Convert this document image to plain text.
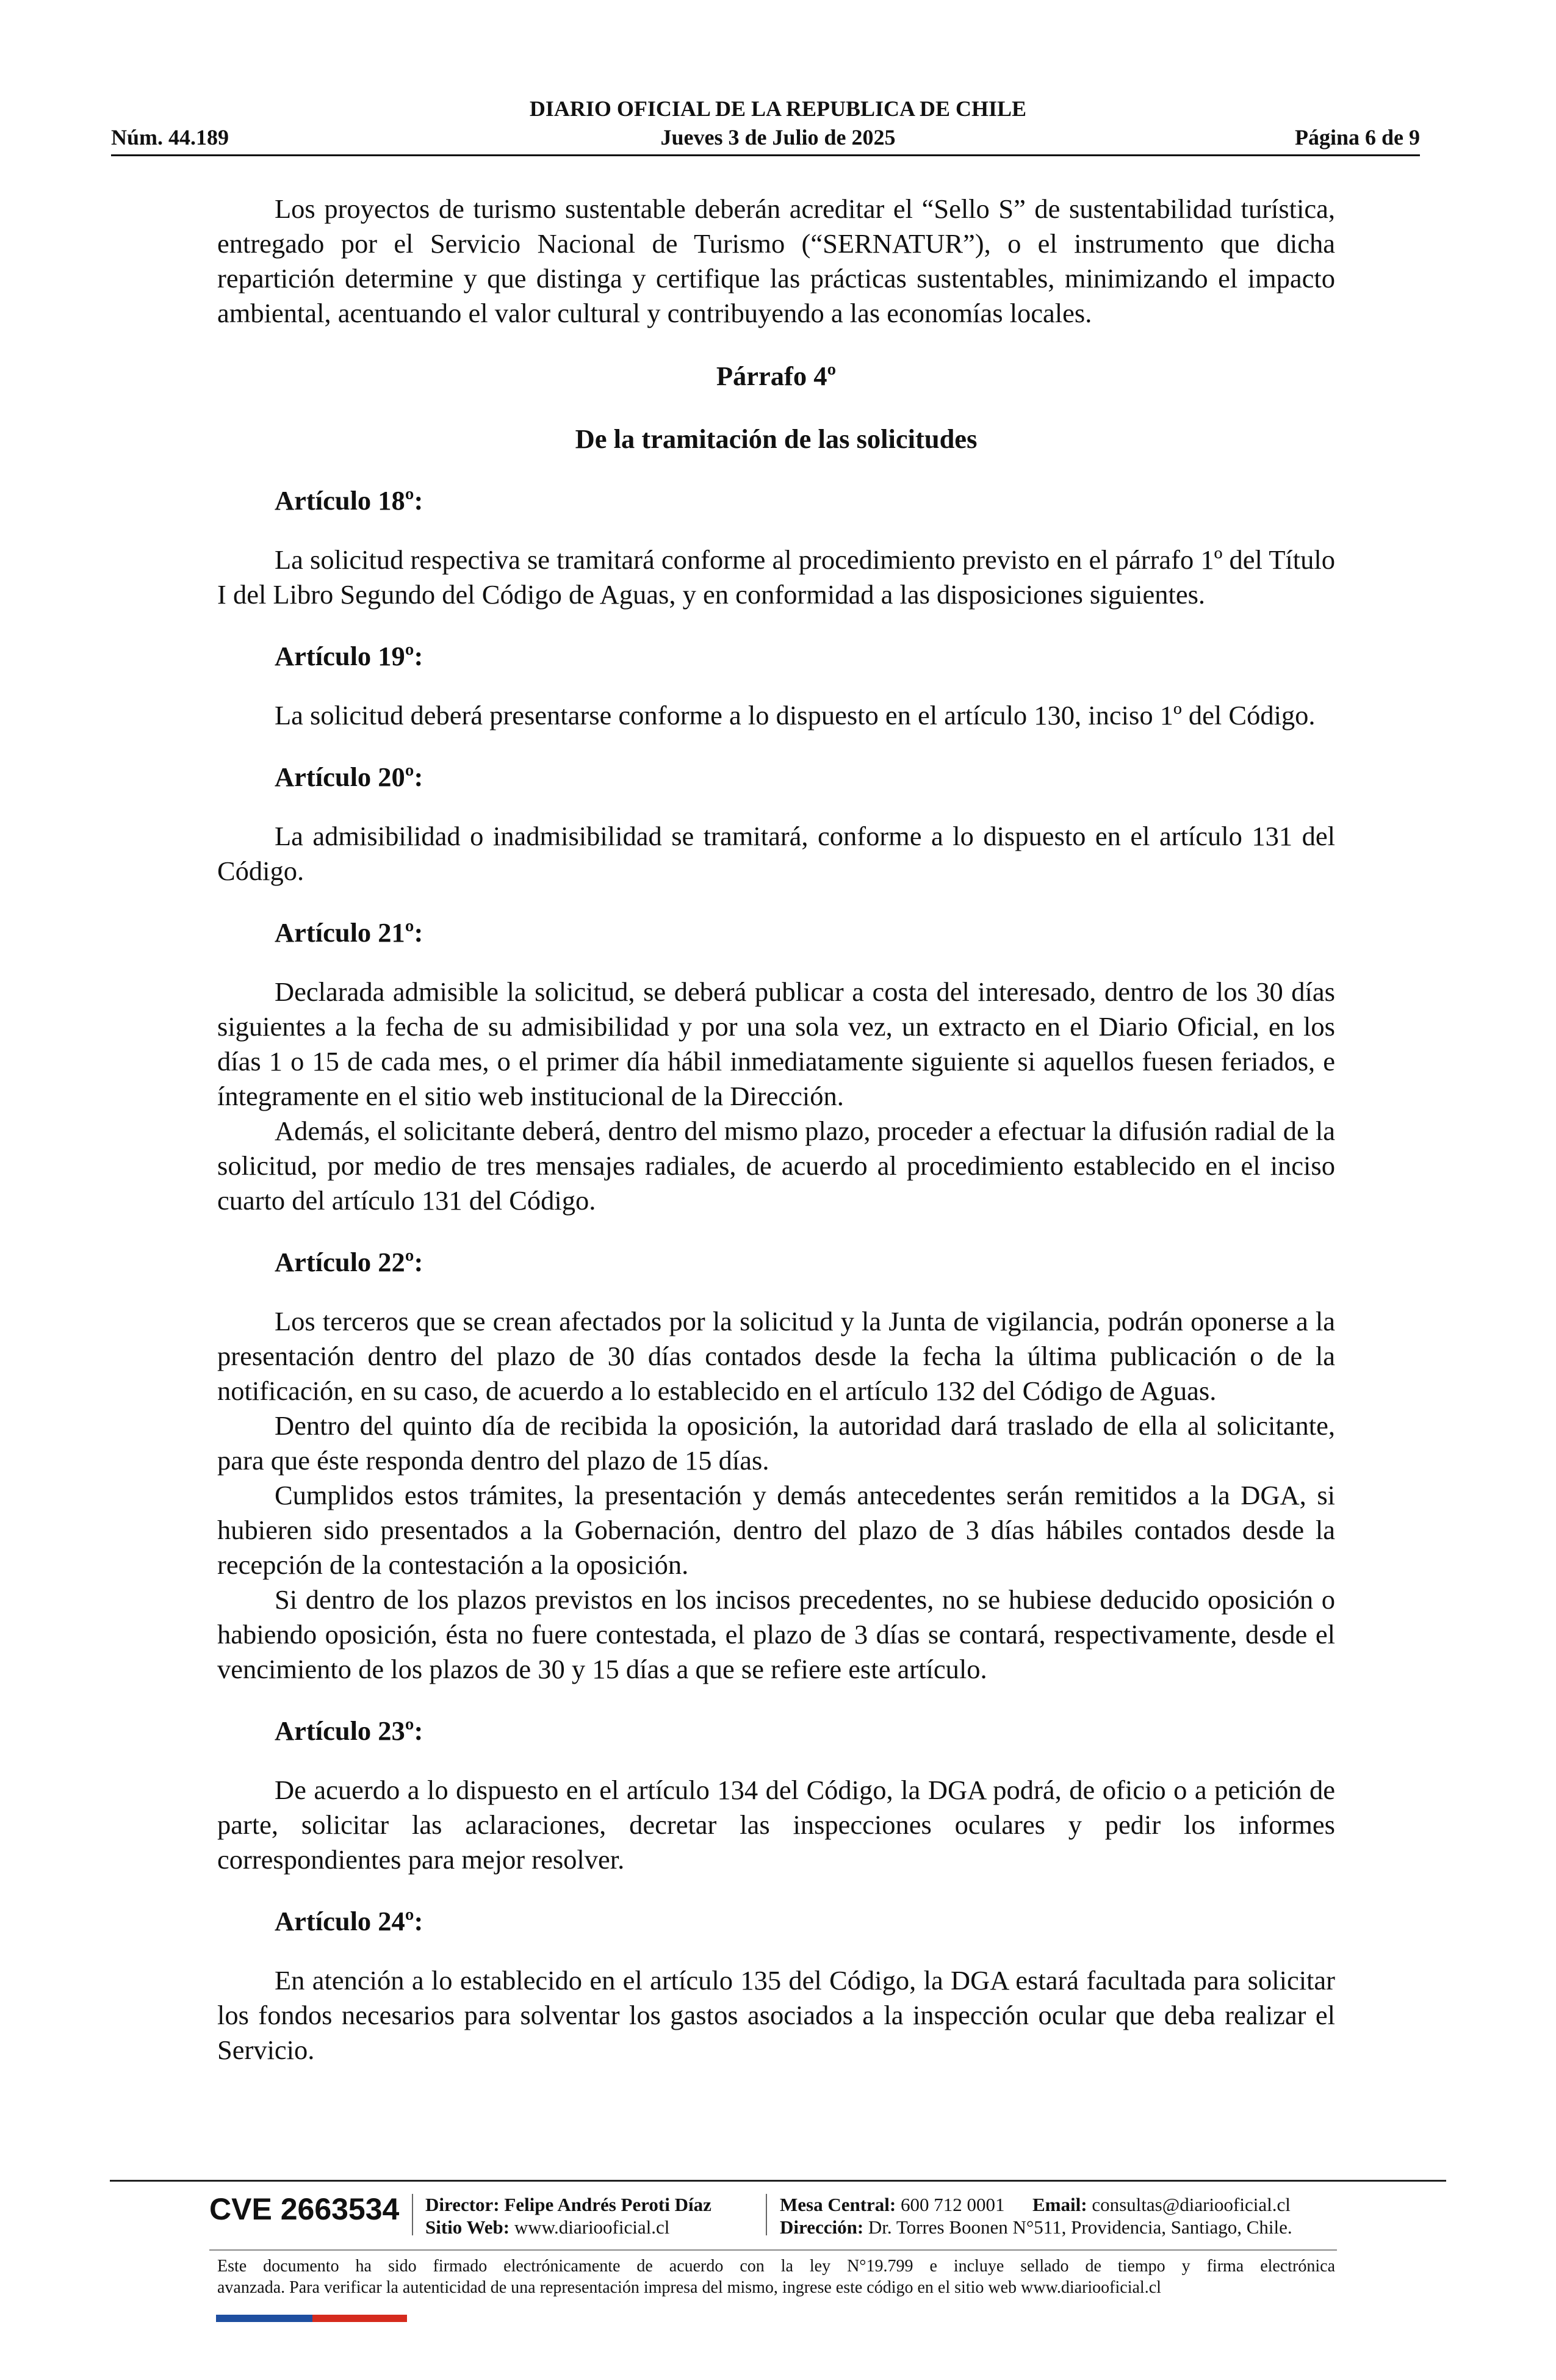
DIARIO OFICIAL DE LA REPUBLICA DE CHILE
Núm. 44.189	Jueves 3 de Julio de 2025	Página 6 de 9

Los proyectos de turismo sustentable deberán acreditar el “Sello S” de sustentabilidad turística, entregado por el Servicio Nacional de Turismo (“SERNATUR”), o el instrumento que dicha repartición determine y que distinga y certifique las prácticas sustentables, minimizando el impacto ambiental, acentuando el valor cultural y contribuyendo a las economías locales.

Párrafo 4º
De la tramitación de las solicitudes
Artículo 18º:

La solicitud respectiva se tramitará conforme al procedimiento previsto en el párrafo 1º del Título I del Libro Segundo del Código de Aguas, y en conformidad a las disposiciones siguientes.

Artículo 19º:

La solicitud deberá presentarse conforme a lo dispuesto en el artículo 130, inciso 1º del Código.

Artículo 20º:

La admisibilidad o inadmisibilidad se tramitará, conforme a lo dispuesto en el artículo 131 del Código.

Artículo 21º:

Declarada admisible la solicitud, se deberá publicar a costa del interesado, dentro de los 30 días siguientes a la fecha de su admisibilidad y por una sola vez, un extracto en el Diario Oficial, en los días 1 o 15 de cada mes, o el primer día hábil inmediatamente siguiente si aquellos fuesen feriados, e íntegramente en el sitio web institucional de la Dirección.

Además, el solicitante deberá, dentro del mismo plazo, proceder a efectuar la difusión radial de la solicitud, por medio de tres mensajes radiales, de acuerdo al procedimiento establecido en el inciso cuarto del artículo 131 del Código.

Artículo 22º:

Los terceros que se crean afectados por la solicitud y la Junta de vigilancia, podrán oponerse a la presentación dentro del plazo de 30 días contados desde la fecha la última publicación o de la notificación, en su caso, de acuerdo a lo establecido en el artículo 132 del Código de Aguas.

Dentro del quinto día de recibida la oposición, la autoridad dará traslado de ella al solicitante, para que éste responda dentro del plazo de 15 días.

Cumplidos estos trámites, la presentación y demás antecedentes serán remitidos a la DGA, si hubieren sido presentados a la Gobernación, dentro del plazo de 3 días hábiles contados desde la recepción de la contestación a la oposición.

Si dentro de los plazos previstos en los incisos precedentes, no se hubiese deducido oposición o habiendo oposición, ésta no fuere contestada, el plazo de 3 días se contará, respectivamente, desde el vencimiento de los plazos de 30 y 15 días a que se refiere este artículo.

Artículo 23º:

De acuerdo a lo dispuesto en el artículo 134 del Código, la DGA podrá, de oficio o a petición de parte, solicitar las aclaraciones, decretar las inspecciones oculares y pedir los informes correspondientes para mejor resolver.

Artículo 24º:

En atención a lo establecido en el artículo 135 del Código, la DGA estará facultada para solicitar los fondos necesarios para solventar los gastos asociados a la inspección ocular que deba realizar el Servicio.

CVE 2663534 Director: Felipe Andrés Peroti Díaz
Sitio Web: www.diariooficial.cl
Mesa Central: 600 712 0001 Email: consultas@diariooficial.cl
Dirección: Dr. Torres Boonen N°511, Providencia, Santiago, Chile.
Este documento ha sido firmado electrónicamente de acuerdo con la ley N°19.799 e incluye sellado de tiempo y firma electrónica
avanzada. Para verificar la autenticidad de una representación impresa del mismo, ingrese este código en el sitio web www.diariooficial.cl
